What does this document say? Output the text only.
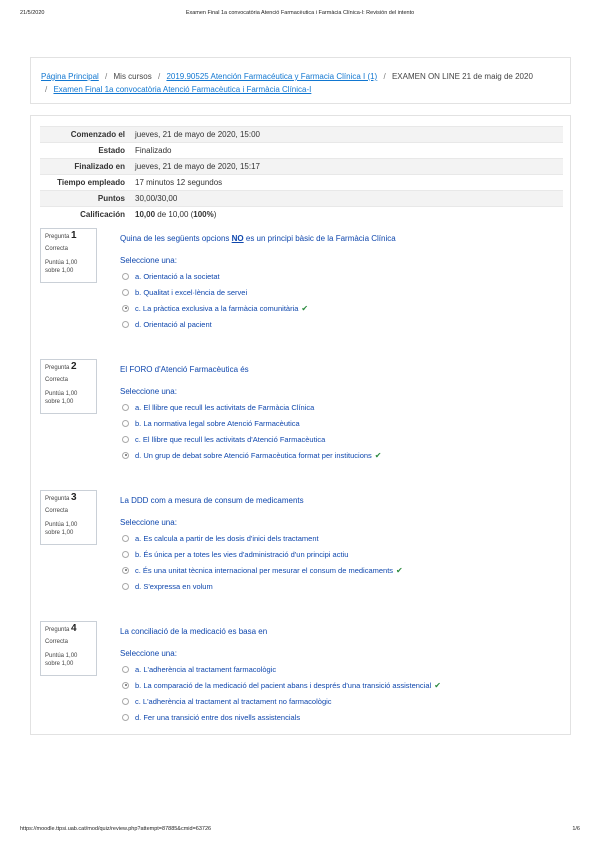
21/5/2020	Examen Final 1a convocatòria Atenció Farmacèutica i Farmàcia Clínica-I: Revisión del intento
Página Principal / Mis cursos / 2019.90525 Atención Farmacéutica y Farmacia Clínica I (1) / EXAMEN ON LINE 21 de maig de 2020
/ Examen Final 1a convocatòria Atenció Farmacèutica i Farmàcia Clínica-I
Comenzado el	jueves, 21 de mayo de 2020, 15:00
Estado	Finalizado
Finalizado en	jueves, 21 de mayo de 2020, 15:17
Tiempo empleado	17 minutos 12 segundos
Puntos	30,00/30,00
Calificación	10,00 de 10,00 (100%)
Pregunta 1
Correcta
Puntúa 1,00 sobre 1,00
Quina de les següents opcions NO es un principi bàsic de la Farmàcia Clínica
Seleccione una:
a. Orientació a la societat
b. Qualitat i excel·lència de servei
c. La pràctica exclusiva a la farmàcia comunitària ✔
d. Orientació al pacient
Pregunta 2
Correcta
Puntúa 1,00 sobre 1,00
El FORO d'Atenció Farmacèutica és
Seleccione una:
a. El llibre que recull les activitats de Farmàcia Clínica
b. La normativa legal sobre Atenció Farmacèutica
c. El llibre que recull les activitats d'Atenció Farmacèutica
d. Un grup de debat sobre Atenció Farmacèutica format per institucions ✔
Pregunta 3
Correcta
Puntúa 1,00 sobre 1,00
La DDD com a mesura de consum de medicaments
Seleccione una:
a. Es calcula a partir de les dosis d'inici dels tractament
b. És única per a totes les vies d'administració d'un principi actiu
c. És una unitat tècnica internacional per mesurar el consum de medicaments ✔
d. S'expressa en volum
Pregunta 4
Correcta
Puntúa 1,00 sobre 1,00
La conciliació de la medicació es basa en
Seleccione una:
a. L'adherència al tractament farmacològic
b. La comparació de la medicació del pacient abans i després d'una transició assistencial ✔
c. L'adherència al tractament al tractament no farmacològic
d. Fer una transició entre dos nivells assistencials
https://moodle.ttpsi.uab.cat/mod/quiz/review.php?attempt=87885&cmid=63726	1/6
